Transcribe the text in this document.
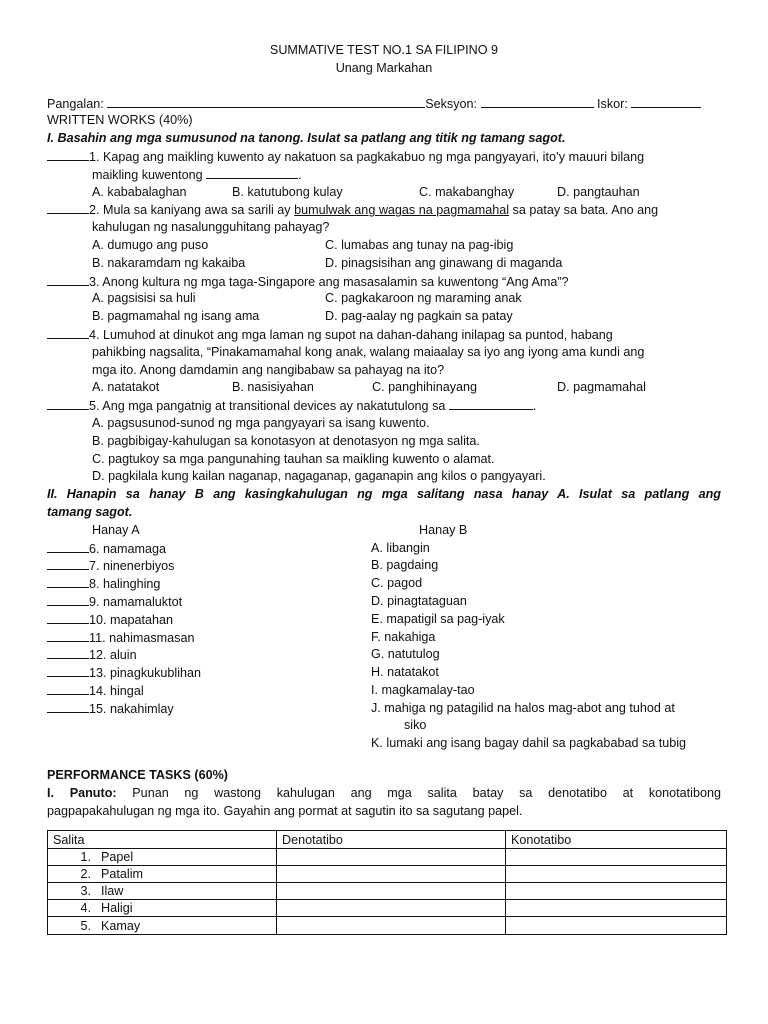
SUMMATIVE TEST NO.1 SA FILIPINO 9
Unang Markahan
Pangalan:	Seksyon:	Iskor:
WRITTEN WORKS (40%)
I. Basahin ang mga sumusunod na tanong. Isulat sa patlang ang titik ng tamang sagot.
1. Kapag ang maikling kuwento ay nakatuon sa pagkakabuo ng mga pangyayari, ito’y mauuri bilang
maikling kuwentong	.
A. kababalaghan	B. katutubong kulay	C. makabanghay	D. pangtauhan
2. Mula sa kaniyang awa sa sarili ay bumulwak ang wagas na pagmamahal sa patay sa bata. Ano ang
kahulugan ng nasalungguhitang pahayag?
A. dumugo ang puso	C. lumabas ang tunay na pag-ibig
B. nakaramdam ng kakaiba	D. pinagsisihan ang ginawang di maganda
3. Anong kultura ng mga taga-Singapore ang masasalamin sa kuwentong “Ang Ama”?
A. pagsisisi sa huli	C. pagkakaroon ng maraming anak
B. pagmamahal ng isang ama	D. pag-aalay ng pagkain sa patay
4. Lumuhod at dinukot ang mga laman ng supot na dahan-dahang inilapag sa puntod, habang
pahikbing nagsalita, “Pinakamamahal kong anak, walang maiaalay sa iyo ang iyong ama kundi ang
mga ito. Anong damdamin ang nangibabaw sa pahayag na ito?
A. natatakot	B. nasisiyahan	C. panghihinayang	D. pagmamahal
5. Ang mga pangatnig at transitional devices ay nakatutulong sa	.
A. pagsusunod-sunod ng mga pangyayari sa isang kuwento.
B. pagbibigay-kahulugan sa konotasyon at denotasyon ng mga salita.
C. pagtukoy sa mga pangunahing tauhan sa maikling kuwento o alamat.
D. pagkilala kung kailan naganap, nagaganap, gaganapin ang kilos o pangyayari.
II. Hanapin sa hanay B ang kasingkahulugan ng mga salitang nasa hanay A. Isulat sa patlang ang
tamang sagot.
Hanay A	Hanay B
6. namamaga	A. libangin
7. ninenerbiyos	B. pagdaing
8. halinghing	C. pagod
9. namamaluktot	D. pinagtataguan
10. mapatahan	E. mapatigil sa pag-iyak
11. nahimasmasan	F. nakahiga
12. aluin	G. natutulog
13. pinagkukublihan	H. natatakot
14. hingal	I. magkamalay-tao
15. nakahimlay	J. mahiga ng patagilid na halos mag-abot ang tuhod at
siko
K. lumaki ang isang bagay dahil sa pagkababad sa tubig
PERFORMANCE TASKS (60%)
I. Panuto: Punan ng wastong kahulugan ang mga salita batay sa denotatibo at konotatibong
pagpapakahulugan ng mga ito. Gayahin ang pormat at sagutin ito sa sagutang papel.
Salita	Denotatibo	Konotatibo
1. Papel		
2. Patalim		
3. Ilaw		
4. Haligi		
5. Kamay		
